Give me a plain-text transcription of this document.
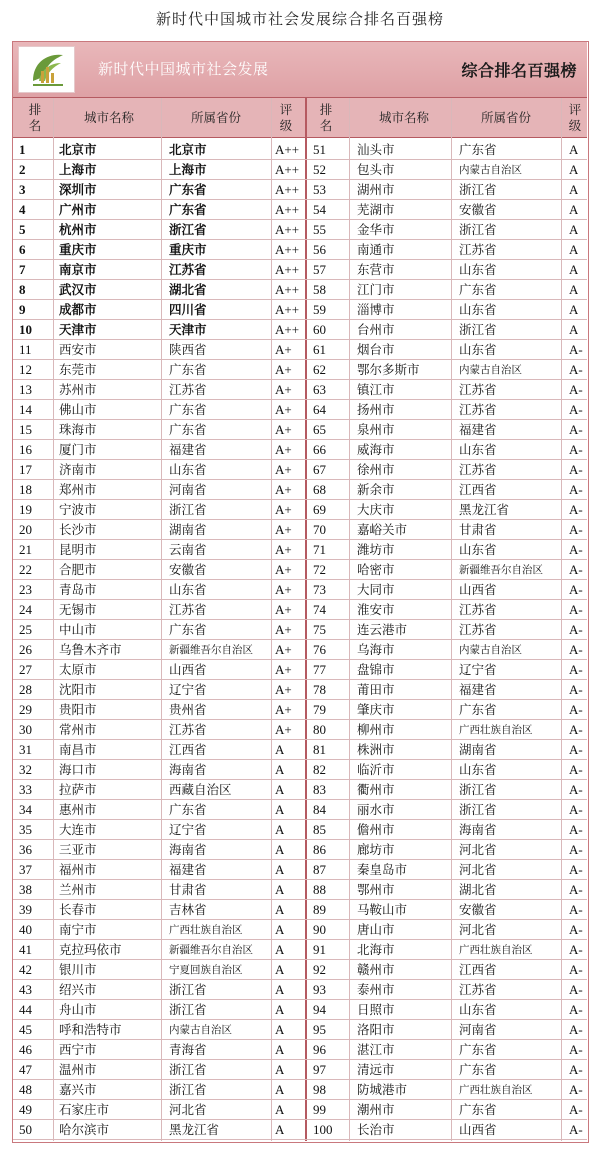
新时代中国城市社会发展综合排名百强榜
新时代中国城市社会发展	综合排名百强榜
排
名
城市名称	所属省份
评
级
排
名
城市名称	所属省份
评
级
1	北京市	北京市	A++ 51 汕头市	广东省	A
2	上海市	上海市	A++ 52 包头市	内蒙古自治区	A
3	深圳市	广东省	A++ 53 湖州市	浙江省	A
4	广州市	广东省	A++ 54 芜湖市	安徽省	A
5	杭州市	浙江省	A++ 55 金华市	浙江省	A
6	重庆市	重庆市	A++ 56 南通市	江苏省	A
7	南京市	江苏省	A++ 57 东营市	山东省	A
8	武汉市	湖北省	A++ 58 江门市	广东省	A
9	成都市	四川省	A++ 59 淄博市	山东省	A
10 天津市	天津市	A++ 60 台州市	浙江省	A
11 西安市	陕西省	A+ 61 烟台市	山东省	A-
12 东莞市	广东省	A+ 62 鄂尔多斯市	内蒙古自治区	A-
13 苏州市	江苏省	A+ 63 镇江市	江苏省	A-
14 佛山市	广东省	A+ 64 扬州市	江苏省	A-
15 珠海市	广东省	A+ 65 泉州市	福建省	A-
16 厦门市	福建省	A+ 66 威海市	山东省	A-
17 济南市	山东省	A+ 67 徐州市	江苏省	A-
18 郑州市	河南省	A+ 68 新余市	江西省	A-
19 宁波市	浙江省	A+ 69 大庆市	黑龙江省	A-
20 长沙市	湖南省	A+ 70 嘉峪关市	甘肃省	A-
21 昆明市	云南省	A+ 71 潍坊市	山东省	A-
22 合肥市	安徽省	A+ 72 哈密市	新疆维吾尔自治区 A-
23 青岛市	山东省	A+ 73 大同市	山西省	A-
24 无锡市	江苏省	A+ 74 淮安市	江苏省	A-
25 中山市	广东省	A+ 75 连云港市	江苏省	A-
26 乌鲁木齐市	新疆维吾尔自治区 A+ 76 乌海市	内蒙古自治区	A-
27 太原市	山西省	A+ 77 盘锦市	辽宁省	A-
28 沈阳市	辽宁省	A+ 78 莆田市	福建省	A-
29 贵阳市	贵州省	A+ 79 肇庆市	广东省	A-
30 常州市	江苏省	A+ 80 柳州市	广西壮族自治区	A-
31 南昌市	江西省	A 81 株洲市	湖南省	A-
32 海口市	海南省	A 82 临沂市	山东省	A-
33 拉萨市	西藏自治区	A 83 衢州市	浙江省	A-
34 惠州市	广东省	A 84 丽水市	浙江省	A-
35 大连市	辽宁省	A 85 儋州市	海南省	A-
36 三亚市	海南省	A 86 廊坊市	河北省	A-
37 福州市	福建省	A 87 秦皇岛市	河北省	A-
38 兰州市	甘肃省	A 88 鄂州市	湖北省	A-
39 长春市	吉林省	A 89 马鞍山市	安徽省	A-
40 南宁市	广西壮族自治区	A 90 唐山市	河北省	A-
41 克拉玛依市	新疆维吾尔自治区 A 91 北海市	广西壮族自治区	A-
42 银川市	宁夏回族自治区	A 92 赣州市	江西省	A-
43 绍兴市	浙江省	A 93 泰州市	江苏省	A-
44 舟山市	浙江省	A 94 日照市	山东省	A-
45 呼和浩特市	内蒙古自治区	A 95 洛阳市	河南省	A-
46 西宁市	青海省	A 96 湛江市	广东省	A-
47 温州市	浙江省	A 97 清远市	广东省	A-
48 嘉兴市	浙江省	A 98 防城港市	广西壮族自治区	A-
49 石家庄市	河北省	A 99 潮州市	广东省	A-
50 哈尔滨市	黑龙江省	A 100 长治市	山西省	A-
